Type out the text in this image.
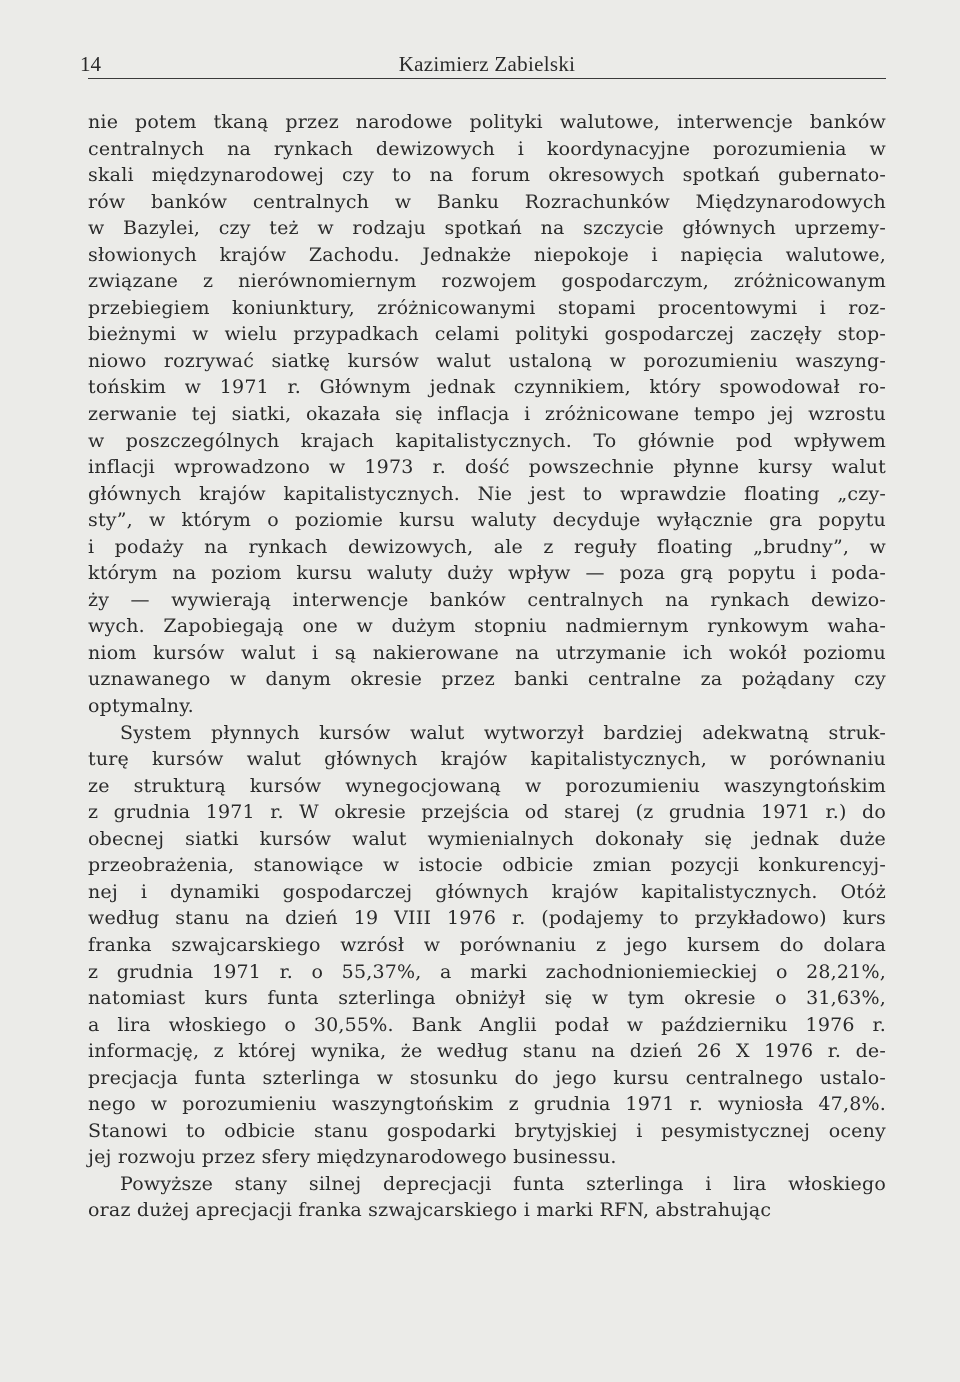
14	Kazimierz Zabielski
nie potem tkaną przez narodowe polityki walutowe, interwencje banków
centralnych na rynkach dewizowych i koordynacyjne porozumienia w
skali międzynarodowej czy to na forum okresowych spotkań gubernato-
rów banków centralnych w Banku Rozrachunków Międzynarodowych
w Bazylei, czy też w rodzaju spotkań na szczycie głównych uprzemy-
słowionych krajów Zachodu. Jednakże niepokoje i napięcia walutowe,
związane z nierównomiernym rozwojem gospodarczym, zróżnicowanym
przebiegiem koniunktury, zróżnicowanymi stopami procentowymi i roz-
bieżnymi w wielu przypadkach celami polityki gospodarczej zaczęły stop-
niowo rozrywać siatkę kursów walut ustaloną w porozumieniu waszyng-
tońskim w 1971 r. Głównym jednak czynnikiem, który spowodował ro-
zerwanie tej siatki, okazała się inflacja i zróżnicowane tempo jej wzrostu
w poszczególnych krajach kapitalistycznych. To głównie pod wpływem
inflacji wprowadzono w 1973 r. dość powszechnie płynne kursy walut
głównych krajów kapitalistycznych. Nie jest to wprawdzie floating „czy-
sty”, w którym o poziomie kursu waluty decyduje wyłącznie gra popytu
i podaży na rynkach dewizowych, ale z reguły floating „brudny”, w
którym na poziom kursu waluty duży wpływ — poza grą popytu i poda-
ży — wywierają interwencje banków centralnych na rynkach dewizo-
wych. Zapobiegają one w dużym stopniu nadmiernym rynkowym waha-
niom kursów walut i są nakierowane na utrzymanie ich wokół poziomu
uznawanego w danym okresie przez banki centralne za pożądany czy
optymalny.
System płynnych kursów walut wytworzył bardziej adekwatną struk-
turę kursów walut głównych krajów kapitalistycznych, w porównaniu
ze strukturą kursów wynegocjowaną w porozumieniu waszyngtońskim
z grudnia 1971 r. W okresie przejścia od starej (z grudnia 1971 r.) do
obecnej siatki kursów walut wymienialnych dokonały się jednak duże
przeobrażenia, stanowiące w istocie odbicie zmian pozycji konkurencyj-
nej i dynamiki gospodarczej głównych krajów kapitalistycznych. Otóż
według stanu na dzień 19 VIII 1976 r. (podajemy to przykładowo) kurs
franka szwajcarskiego wzrósł w porównaniu z jego kursem do dolara
z grudnia 1971 r. o 55,37%, a marki zachodnioniemieckiej o 28,21%,
natomiast kurs funta szterlinga obniżył się w tym okresie o 31,63%,
a lira włoskiego o 30,55%. Bank Anglii podał w październiku 1976 r.
informację, z której wynika, że według stanu na dzień 26 X 1976 r. de-
precjacja funta szterlinga w stosunku do jego kursu centralnego ustalo-
nego w porozumieniu waszyngtońskim z grudnia 1971 r. wyniosła 47,8%.
Stanowi to odbicie stanu gospodarki brytyjskiej i pesymistycznej oceny
jej rozwoju przez sfery międzynarodowego businessu.
Powyższe stany silnej deprecjacji funta szterlinga i lira włoskiego
oraz dużej aprecjacji franka szwajcarskiego i marki RFN, abstrahując
